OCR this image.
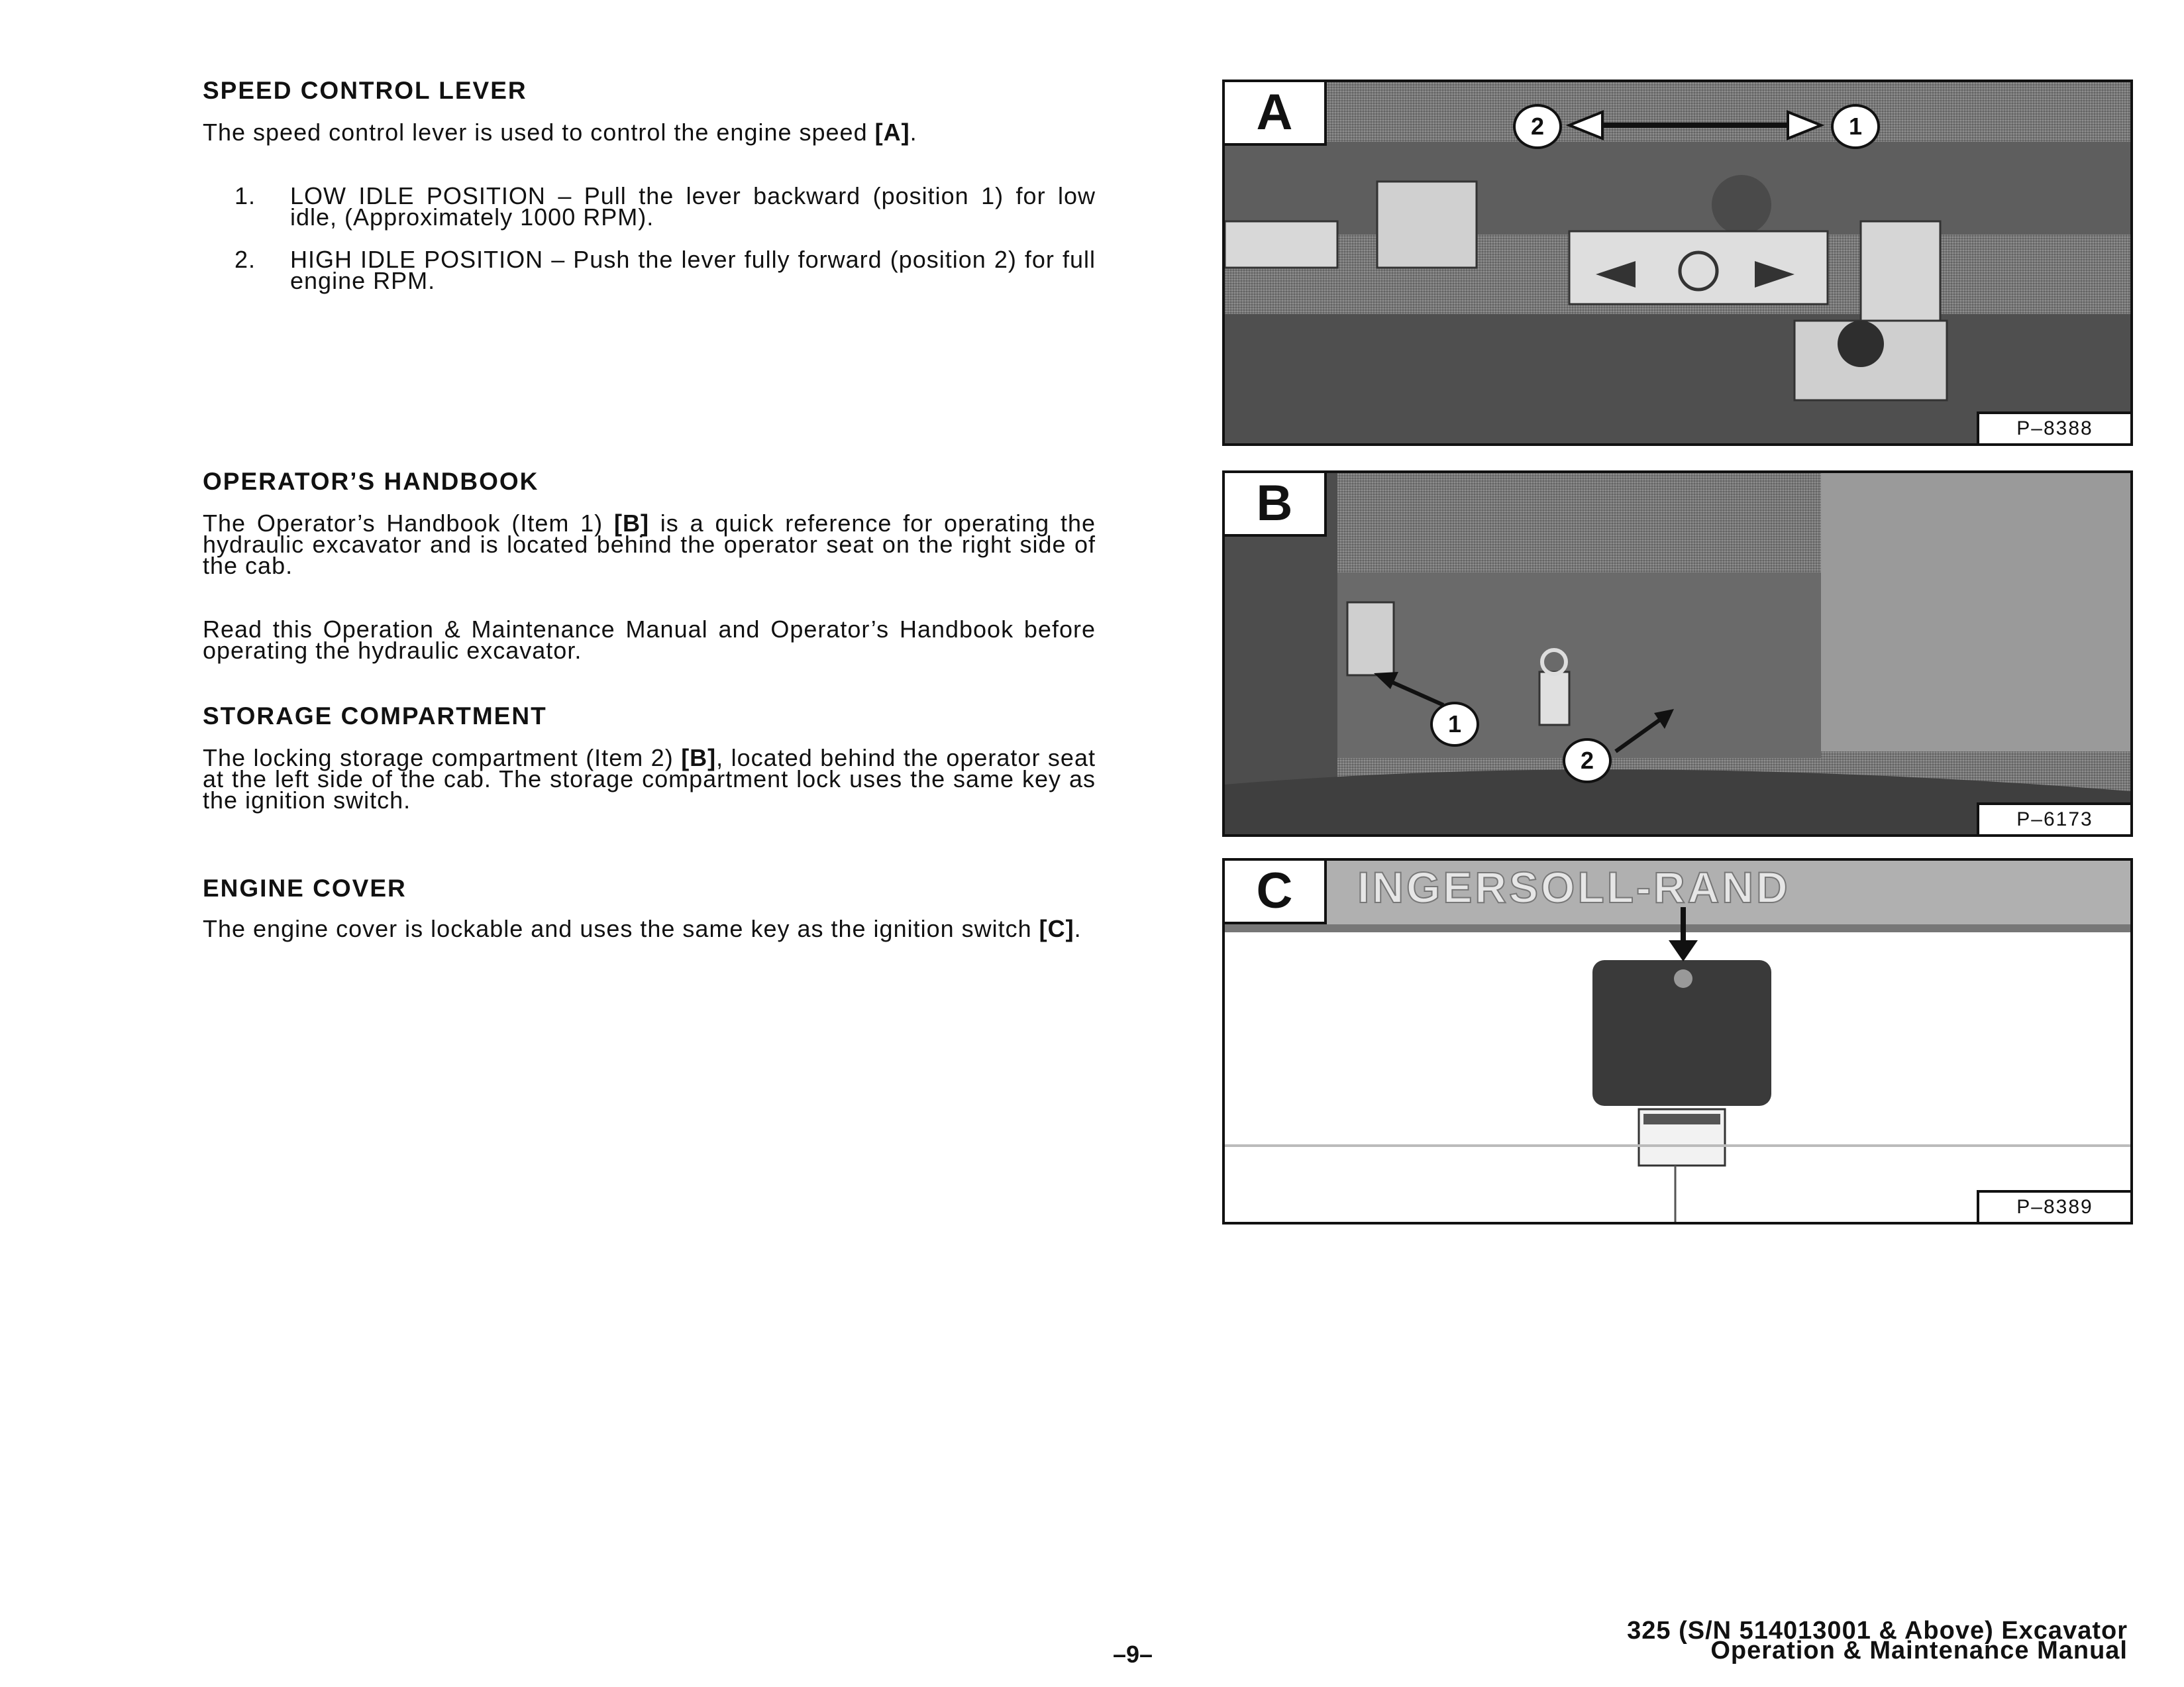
SPEED CONTROL LEVER

The speed control lever is used to control the engine speed [A].

1. LOW IDLE POSITION – Pull the lever backward (position 1) for low idle, (Approximately 1000 RPM).
2. HIGH IDLE POSITION – Push the lever fully forward (position 2) for full engine RPM.
OPERATOR’S HANDBOOK

The Operator’s Handbook (Item 1) [B] is a quick reference for operating the hydraulic excavator and is located behind the operator seat on the right side of the cab.

Read this Operation & Maintenance Manual and Operator’s Handbook before operating the hydraulic excavator.

STORAGE COMPARTMENT

The locking storage compartment (Item 2) [B], located behind the operator seat at the left side of the cab. The storage compartment lock uses the same key as the ignition switch.

ENGINE COVER

The engine cover is lockable and uses the same key as the ignition switch [C].

A	2	1
P–8388
B
1
2
P–6173
INGERSOLL-RAND
C
P–8389
–9–
325 (S/N 514013001 & Above) Excavator
Operation & Maintenance Manual
